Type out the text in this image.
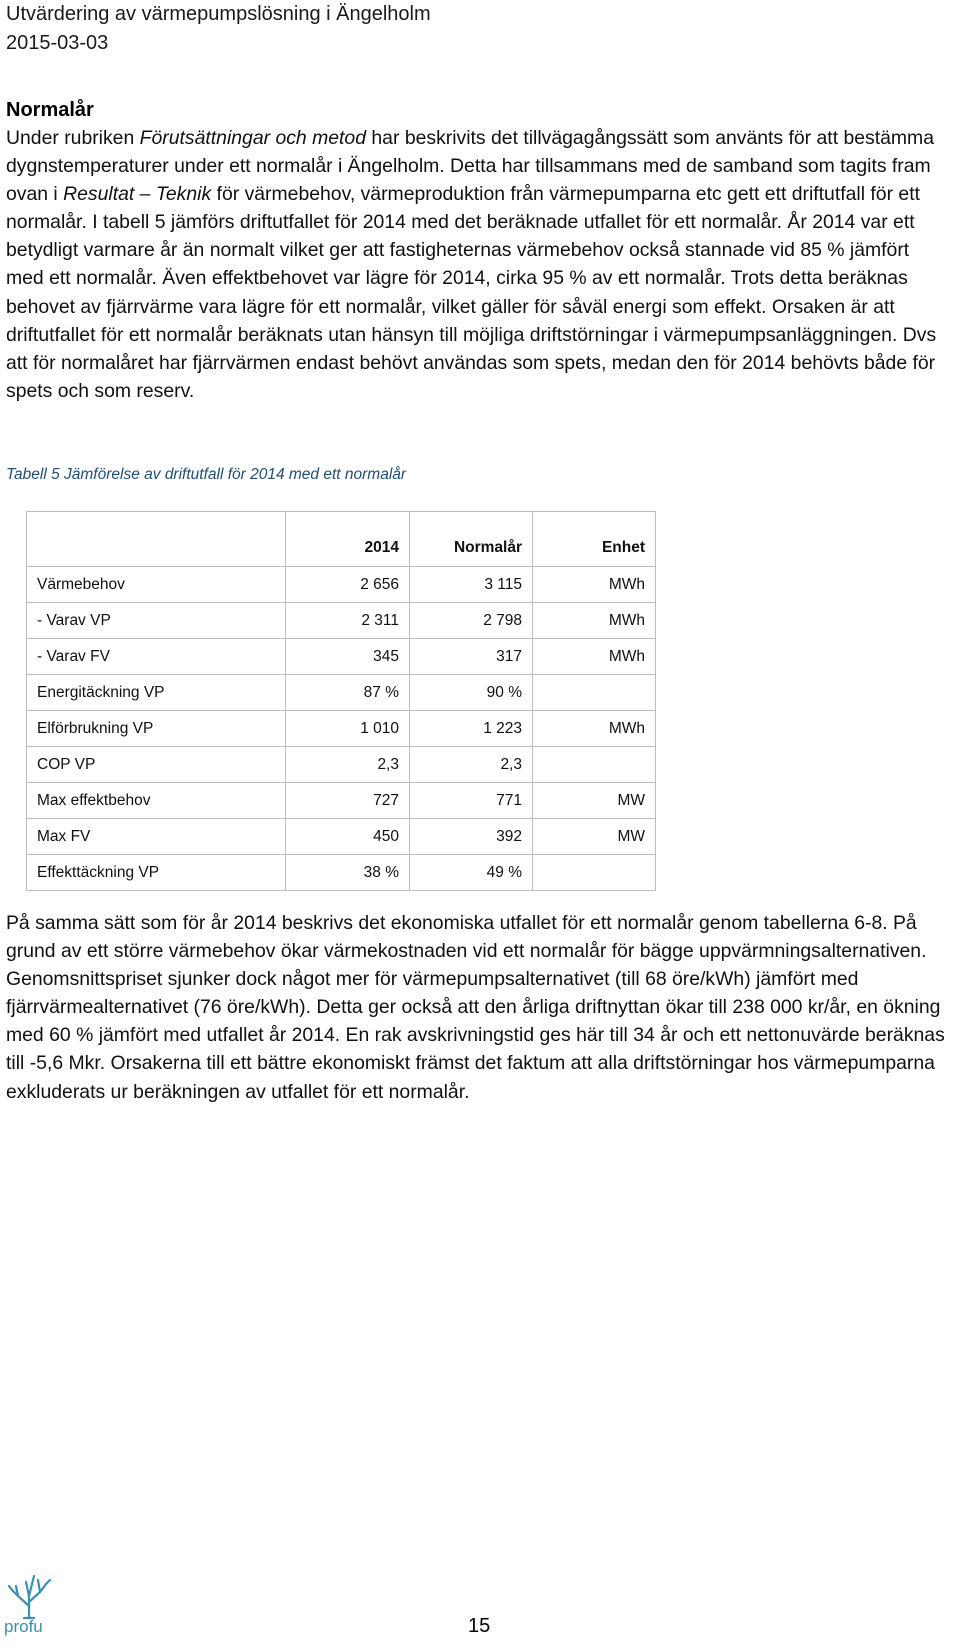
Utvärdering av värmepumpslösning i Ängelholm
2015-03-03
Normalår
Under rubriken Förutsättningar och metod har beskrivits det tillvägagångssätt som använts för att bestämma dygnstemperaturer under ett normalår i Ängelholm. Detta har tillsammans med de samband som tagits fram ovan i Resultat – Teknik för värmebehov, värmeproduktion från värmepumparna etc gett ett driftutfall för ett normalår. I tabell 5 jämförs driftutfallet för 2014 med det beräknade utfallet för ett normalår. År 2014 var ett betydligt varmare år än normalt vilket ger att fastigheternas värmebehov också stannade vid 85 % jämfört med ett normalår. Även effektbehovet var lägre för 2014, cirka 95 % av ett normalår. Trots detta beräknas behovet av fjärrvärme vara lägre för ett normalår, vilket gäller för såväl energi som effekt. Orsaken är att driftutfallet för ett normalår beräknats utan hänsyn till möjliga driftstörningar i värmepumpsanläggningen. Dvs att för normalåret har fjärrvärmen endast behövt användas som spets, medan den för 2014 behövts både för spets och som reserv.
Tabell 5 Jämförelse av driftutfall för 2014 med ett normalår

	2014	Normalår	Enhet
Värmebehov	2 656	3 115	MWh
- Varav VP	2 311	2 798	MWh
- Varav FV	345	317	MWh
Energitäckning VP	87 %	90 %	
Elförbrukning VP	1 010	1 223	MWh
COP VP	2,3	2,3	
Max effektbehov	727	771	MW
Max FV	450	392	MW
Effekttäckning VP	38 %	49 %	
På samma sätt som för år 2014 beskrivs det ekonomiska utfallet för ett normalår genom tabellerna 6-8. På grund av ett större värmebehov ökar värmekostnaden vid ett normalår för bägge uppvärmningsalternativen. Genomsnittspriset sjunker dock något mer för värmepumpsalternativet (till 68 öre/kWh) jämfört med fjärrvärmealternativet (76 öre/kWh). Detta ger också att den årliga driftnyttan ökar till 238 000 kr/år, en ökning med 60 % jämfört med utfallet år 2014. En rak avskrivningstid ges här till 34 år och ett nettonuvärde beräknas till -5,6 Mkr. Orsakerna till ett bättre ekonomiskt främst det faktum att alla driftstörningar hos värmepumparna exkluderats ur beräkningen av utfallet för ett normalår.
profu	15
